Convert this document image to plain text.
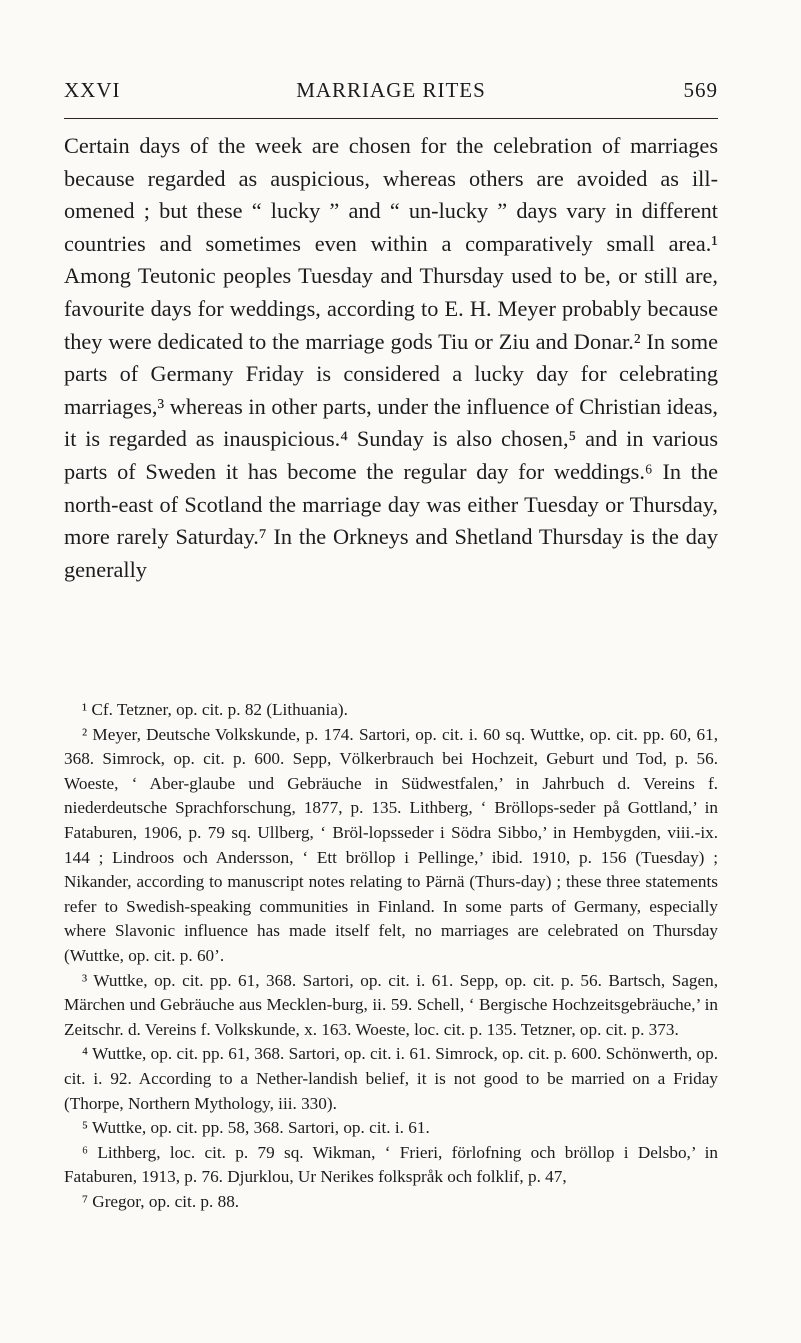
XXVI	MARRIAGE RITES	569

Certain days of the week are chosen for the celebration of marriages because regarded as auspicious, whereas others are avoided as ill-omened ; but these “ lucky ” and “ un-lucky ” days vary in different countries and sometimes even within a comparatively small area.¹ Among Teutonic peoples Tuesday and Thursday used to be, or still are, favourite days for weddings, according to E. H. Meyer probably because they were dedicated to the marriage gods Tiu or Ziu and Donar.² In some parts of Germany Friday is considered a lucky day for celebrating marriages,³ whereas in other parts, under the influence of Christian ideas, it is regarded as inauspicious.⁴ Sunday is also chosen,⁵ and in various parts of Sweden it has become the regular day for weddings.⁶ In the north-east of Scotland the marriage day was either Tuesday or Thursday, more rarely Saturday.⁷ In the Orkneys and Shetland Thursday is the day generally

¹ Cf. Tetzner, op. cit. p. 82 (Lithuania).

² Meyer, Deutsche Volkskunde, p. 174. Sartori, op. cit. i. 60 sq. Wuttke, op. cit. pp. 60, 61, 368. Simrock, op. cit. p. 600. Sepp, Völkerbrauch bei Hochzeit, Geburt und Tod, p. 56. Woeste, ‘ Aber-glaube und Gebräuche in Südwestfalen,’ in Jahrbuch d. Vereins f. niederdeutsche Sprachforschung, 1877, p. 135. Lithberg, ‘ Bröllops-seder på Gottland,’ in Fataburen, 1906, p. 79 sq. Ullberg, ‘ Bröl-lopsseder i Södra Sibbo,’ in Hembygden, viii.-ix. 144 ; Lindroos och Andersson, ‘ Ett bröllop i Pellinge,’ ibid. 1910, p. 156 (Tuesday) ; Nikander, according to manuscript notes relating to Pärnä (Thurs-day) ; these three statements refer to Swedish-speaking communities in Finland. In some parts of Germany, especially where Slavonic influence has made itself felt, no marriages are celebrated on Thursday (Wuttke, op. cit. p. 60’.

³ Wuttke, op. cit. pp. 61, 368. Sartori, op. cit. i. 61. Sepp, op. cit. p. 56. Bartsch, Sagen, Märchen und Gebräuche aus Mecklen-burg, ii. 59. Schell, ‘ Bergische Hochzeitsgebräuche,’ in Zeitschr. d. Vereins f. Volkskunde, x. 163. Woeste, loc. cit. p. 135. Tetzner, op. cit. p. 373.

⁴ Wuttke, op. cit. pp. 61, 368. Sartori, op. cit. i. 61. Simrock, op. cit. p. 600. Schönwerth, op. cit. i. 92. According to a Nether-landish belief, it is not good to be married on a Friday (Thorpe, Northern Mythology, iii. 330).

⁵ Wuttke, op. cit. pp. 58, 368. Sartori, op. cit. i. 61.

⁶ Lithberg, loc. cit. p. 79 sq. Wikman, ‘ Frieri, förlofning och bröllop i Delsbo,’ in Fataburen, 1913, p. 76. Djurklou, Ur Nerikes folkspråk och folklif, p. 47,

⁷ Gregor, op. cit. p. 88.
